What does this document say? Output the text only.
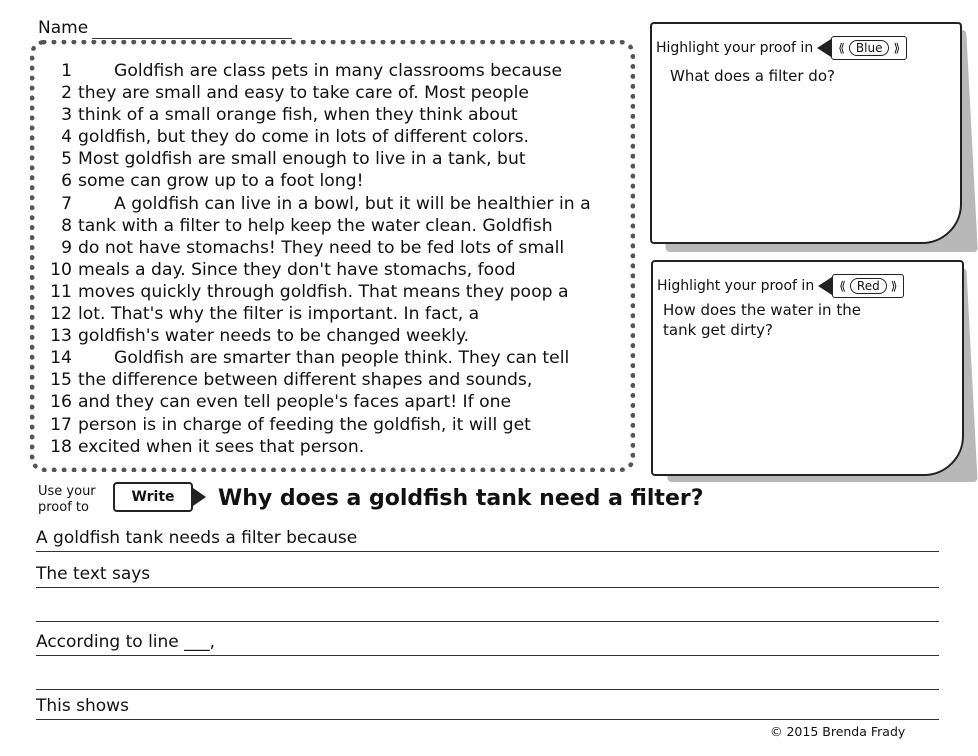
Name
1	Goldfish are class pets in many classrooms because
2 they are small and easy to take care of. Most people
3 think of a small orange fish, when they think about
4 goldfish, but they do come in lots of different colors.
5 Most goldfish are small enough to live in a tank, but
6 some can grow up to a foot long!
7	A goldfish can live in a bowl, but it will be healthier in a
8 tank with a filter to help keep the water clean. Goldfish
9 do not have stomachs! They need to be fed lots of small
10 meals a day. Since they don't have stomachs, food
11 moves quickly through goldfish. That means they poop a
12 lot. That's why the filter is important. In fact, a
13 goldfish's water needs to be changed weekly.
14	Goldfish are smarter than people think. They can tell
15 the difference between different shapes and sounds,
16 and they can even tell people's faces apart! If one
17 person is in charge of feeding the goldfish, it will get
18 excited when it sees that person.
Highlight your proof in	⟪ Blue ⟫
What does a filter do?
Highlight your proof in	⟪ Red ⟫
How does the water in the
tank get dirty?
Use your
proof to
Write Why does a goldfish tank need a filter?
A goldfish tank needs a filter because
The text says
According to line ___,
This shows
© 2015 Brenda Frady
